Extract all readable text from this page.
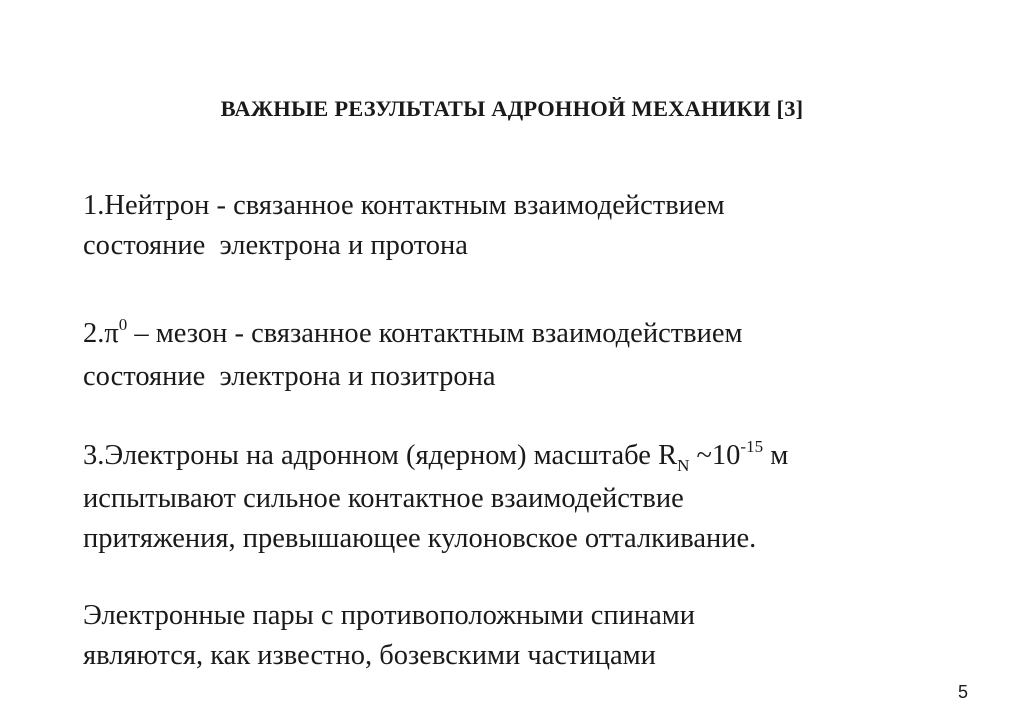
ВАЖНЫЕ РЕЗУЛЬТАТЫ АДРОННОЙ МЕХАНИКИ [3]
1.Нейтрон - связанное контактным взаимодействием
состояние  электрона и протона
$2.\pi^0$ – мезон - связанное контактным взаимодействием
состояние  электрона и позитрона
3.Электроны на адронном (ядерном) масштабе $R_N$ $\sim 10^{-15}$ м
испытывают сильное контактное взаимодействие
притяжения, превышающее кулоновское отталкивание.
Электронные пары с противоположными спинами
являются, как известно, бозевскими частицами
5
